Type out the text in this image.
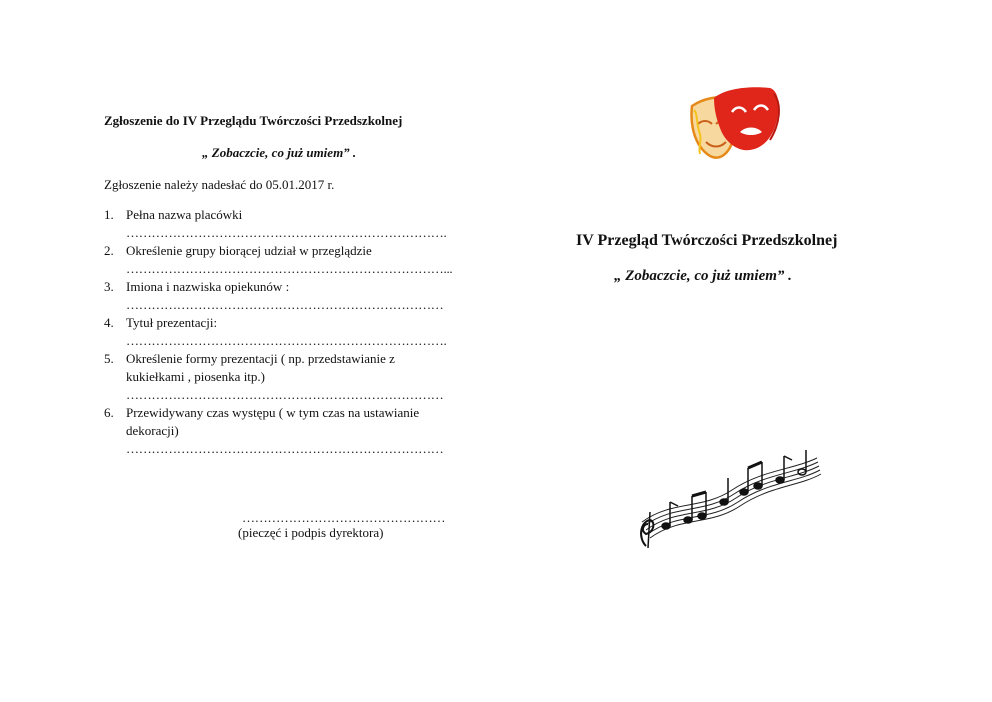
Zgłoszenie do IV Przeglądu Twórczości Przedszkolnej
„ Zobaczcie, co już umiem” .
Zgłoszenie należy nadesłać do 05.01.2017 r.
1. Pełna nazwa placówki
………………………………………………………………….
2. Określenie grupy biorącej udział w przeglądzie
…………………………………………………………………...
3. Imiona i nazwiska opiekunów :
…………………………………………………………………
4. Tytuł prezentacji:
………………………………………………………………….
5. Określenie formy prezentacji ( np. przedstawianie z
kukiełkami , piosenka itp.)
…………………………………………………………………
6. Przewidywany czas występu ( w tym czas na ustawianie
dekoracji)
…………………………………………………………………
…………………………………………
(pieczęć i podpis dyrektora)
IV Przegląd Twórczości Przedszkolnej
„ Zobaczcie, co już umiem” .
